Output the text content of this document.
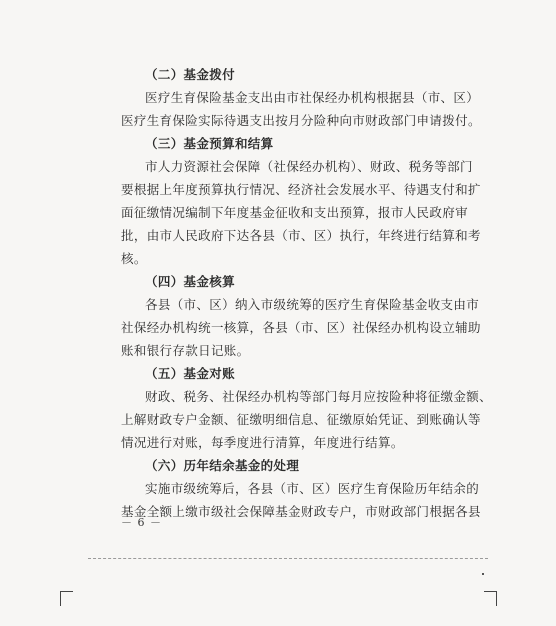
（二）基金拨付
医疗生育保险基金支出由市社保经办机构根据县（市、区）
医疗生育保险实际待遇支出按月分险种向市财政部门申请拨付。
（三）基金预算和结算
市人力资源社会保障（社保经办机构）、财政、税务等部门
要根据上年度预算执行情况、经济社会发展水平、待遇支付和扩
面征缴情况编制下年度基金征收和支出预算，报市人民政府审
批，由市人民政府下达各县（市、区）执行，年终进行结算和考
核。
（四）基金核算
各县（市、区）纳入市级统筹的医疗生育保险基金收支由市
社保经办机构统一核算，各县（市、区）社保经办机构设立辅助
账和银行存款日记账。
（五）基金对账
财政、税务、社保经办机构等部门每月应按险种将征缴金额、
上解财政专户金额、征缴明细信息、征缴原始凭证、到账确认等
情况进行对账，每季度进行清算，年度进行结算。
（六）历年结余基金的处理
实施市级统筹后，各县（市、区）医疗生育保险历年结余的
基金全额上缴市级社会保障基金财政专户，市财政部门根据各县
－ 6 －
